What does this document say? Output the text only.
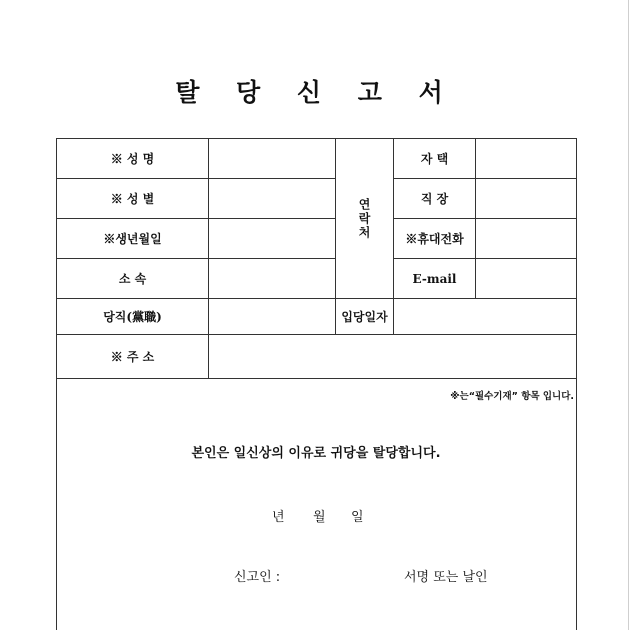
탈 당 신 고 서
※ 성 명
※ 성 별
※생년월일
소 속
당직(黨職)
※ 주 소
연락처
자 택
직 장
※휴대전화
E-mail
입당일자
※는“필수기재” 항목 입니다.
본인은 일신상의 이유로 귀당을 탈당합니다.
년 월 일
신고인 :	서명 또는 날인
